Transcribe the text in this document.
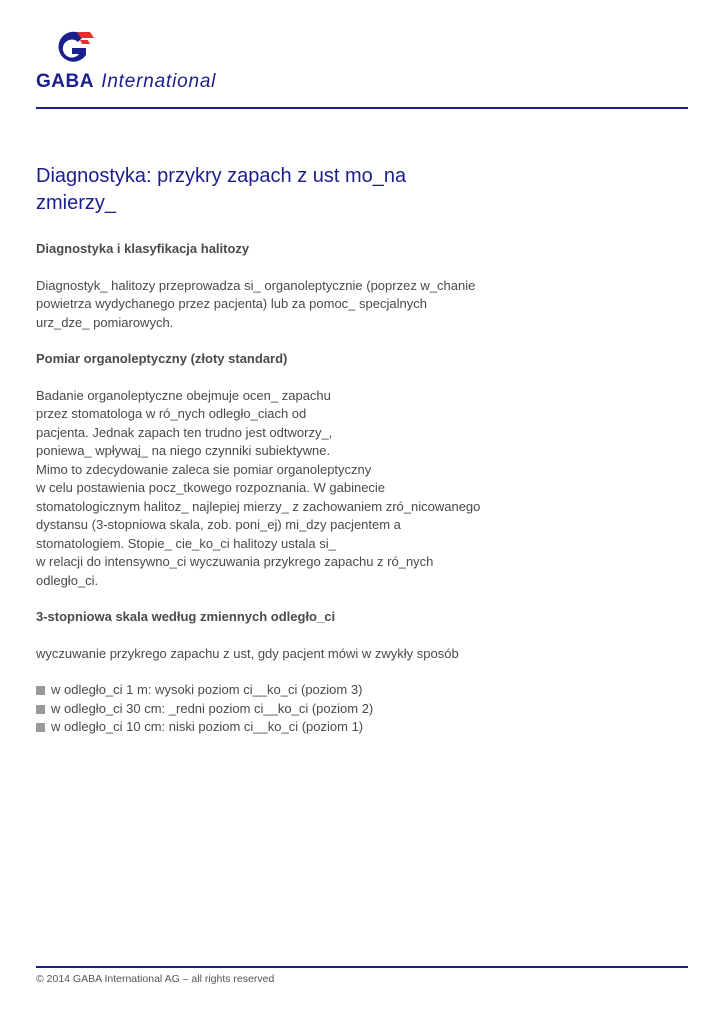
GABA International
Diagnostyka: przykry zapach z ust mo_na zmierzy_

Diagnostyka i klasyfikacja halitozy

Diagnostyk_ halitozy przeprowadza si_ organoleptycznie (poprzez w_chanie
powietrza wydychanego przez pacjenta) lub za pomoc_ specjalnych
urz_dze_ pomiarowych.

Pomiar organoleptyczny (złoty standard)

Badanie organoleptyczne obejmuje ocen_ zapachu
przez stomatologa w ró_nych odległo_ciach od
pacjenta. Jednak zapach ten trudno jest odtworzy_,
poniewa_ wpływaj_ na niego czynniki subiektywne.
Mimo to zdecydowanie zaleca sie pomiar organoleptyczny
w celu postawienia pocz_tkowego rozpoznania. W gabinecie
stomatologicznym halitoz_ najlepiej mierzy_ z zachowaniem zró_nicowanego
dystansu (3-stopniowa skala, zob. poni_ej) mi_dzy pacjentem a
stomatologiem. Stopie_ cie_ko_ci halitozy ustala si_
w relacji do intensywno_ci wyczuwania przykrego zapachu z ró_nych
odległo_ci.

3-stopniowa skala według zmiennych odległo_ci

wyczuwanie przykrego zapachu z ust, gdy pacjent mówi w zwykły sposób

w odległo_ci 1 m: wysoki poziom ci__ko_ci (poziom 3)
w odległo_ci 30 cm: _redni poziom ci__ko_ci (poziom 2)
w odległo_ci 10 cm: niski poziom ci__ko_ci (poziom 1)
© 2014 GABA International AG – all rights reserved
